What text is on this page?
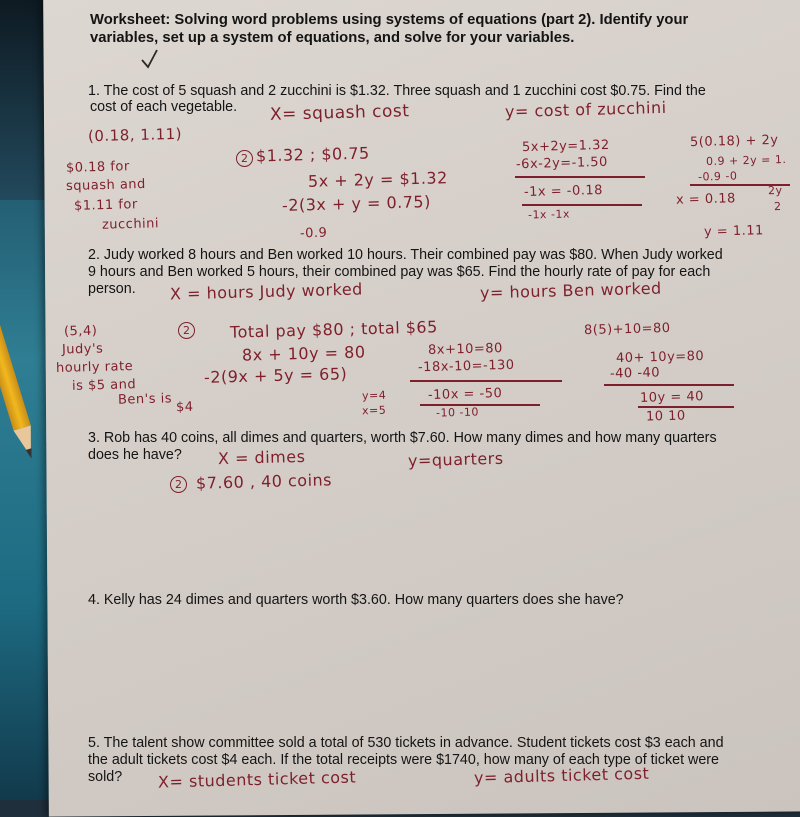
Worksheet: Solving word problems using systems of equations (part 2). Identify your
variables, set up a system of equations, and solve for your variables.
1. The cost of 5 squash and 2 zucchini is $1.32. Three squash and 1 zucchini cost $0.75. Find the
cost of each vegetable. X= squash cost	y= cost of zucchini
(0.18, 1.11)
$0.18 for
squash and
$1.11 for
zucchini
2 $1.32 ; $0.75
5x + 2y = $1.32
-2(3x + y = 0.75)
-0.9
5x+2y=1.32
-6x-2y=-1.50
-1x = -0.18
-1x -1x
5(0.18) + 2y
0.9 + 2y = 1.
-0.9 -0
x = 0.18
2y
2
y = 1.11
2. Judy worked 8 hours and Ben worked 10 hours. Their combined pay was $80. When Judy worked
9 hours and Ben worked 5 hours, their combined pay was $65. Find the hourly rate of pay for each
person. X = hours Judy worked	y= hours Ben worked
(5,4)
Judy's
hourly rate
is $5 and
Ben's is $4
2	Total pay $80 ; total $65
8x + 10y = 80
-2(9x + 5y = 65)
y=4
x=5
8x+10=80
-18x-10=-130
-10x = -50
-10 -10
8(5)+10=80
40+ 10y=80
-40 -40
10y = 40
10 10
3. Rob has 40 coins, all dimes and quarters, worth $7.60. How many dimes and how many quarters
does he have? X = dimes	y=quarters
2 $7.60 , 40 coins
4. Kelly has 24 dimes and quarters worth $3.60. How many quarters does she have?
5. The talent show committee sold a total of 530 tickets in advance. Student tickets cost $3 each and
the adult tickets cost $4 each. If the total receipts were $1740, how many of each type of ticket were
sold? X= students ticket cost	y= adults ticket cost
